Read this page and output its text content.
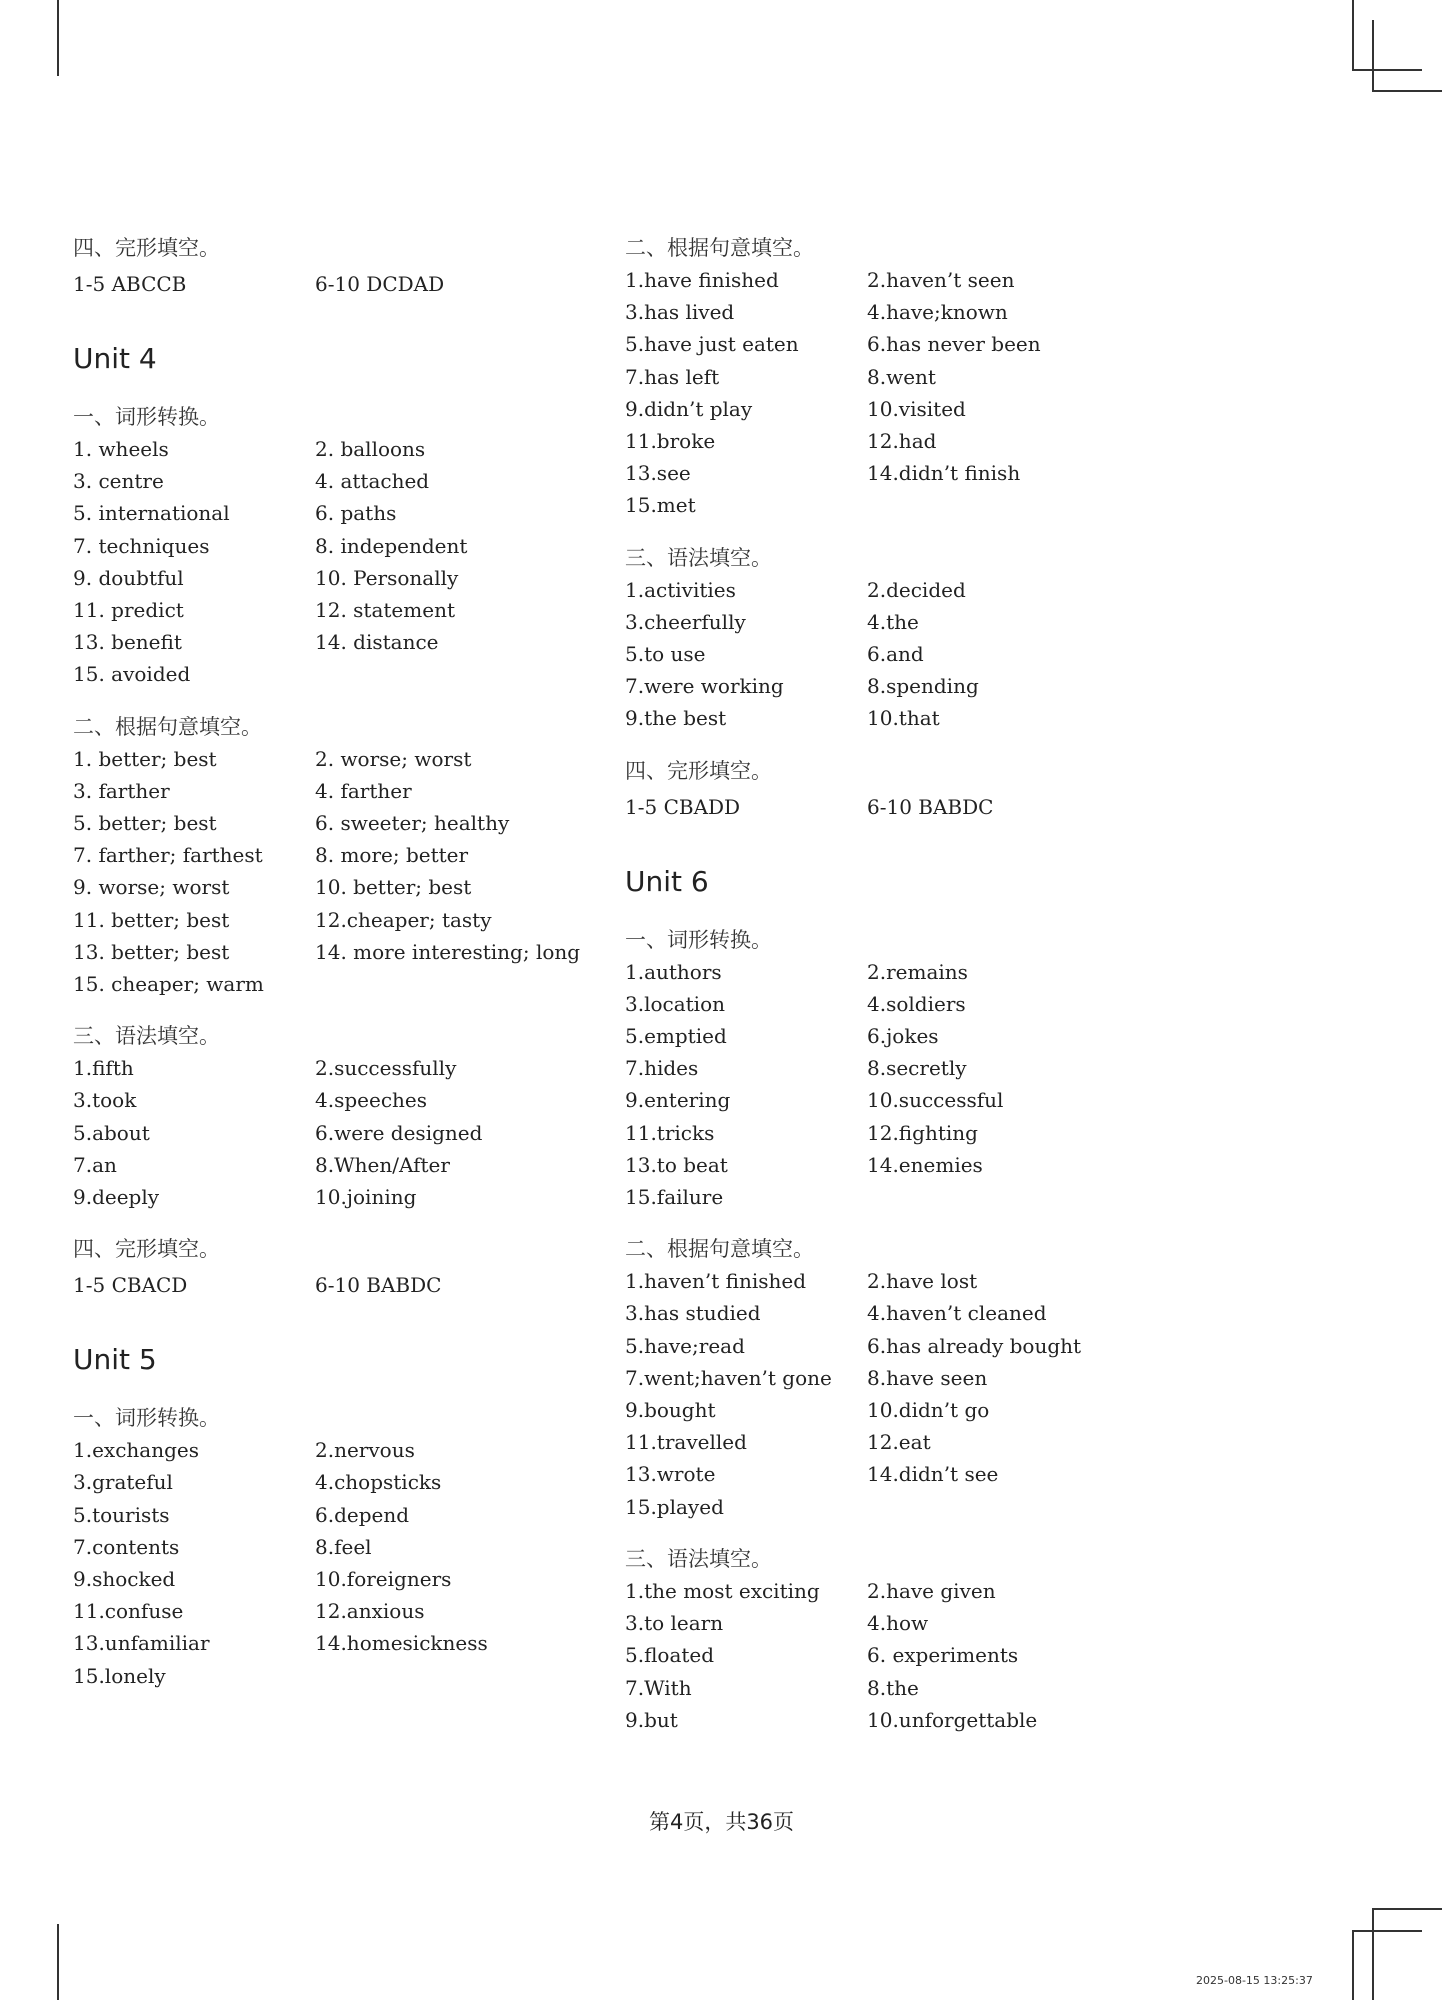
四、完形填空。
1-5 ABCCB	6-10 DCDAD
Unit 4
一、词形转换。
1. wheels	2. balloons
3. centre	4. attached
5. international	6. paths
7. techniques	8. independent
9. doubtful	10. Personally
11. predict	12. statement
13. benefit	14. distance
15. avoided
二、根据句意填空。
1. better; best	2. worse; worst
3. farther	4. farther
5. better; best	6. sweeter; healthy
7. farther; farthest	8. more; better
9. worse; worst	10. better; best
11. better; best	12.cheaper; tasty
13. better; best	14. more interesting; long
15. cheaper; warm
三、语法填空。
1.fifth	2.successfully
3.took	4.speeches
5.about	6.were designed
7.an	8.When/After
9.deeply	10.joining
四、完形填空。
1-5 CBACD	6-10 BABDC
Unit 5
一、词形转换。
1.exchanges	2.nervous
3.grateful	4.chopsticks
5.tourists	6.depend
7.contents	8.feel
9.shocked	10.foreigners
11.confuse	12.anxious
13.unfamiliar	14.homesickness
15.lonely
二、根据句意填空。
1.have finished	2.haven’t seen
3.has lived	4.have;known
5.have just eaten	6.has never been
7.has left	8.went
9.didn’t play	10.visited
11.broke	12.had
13.see	14.didn’t finish
15.met
三、语法填空。
1.activities	2.decided
3.cheerfully	4.the
5.to use	6.and
7.were working	8.spending
9.the best	10.that
四、完形填空。
1-5 CBADD	6-10 BABDC
Unit 6
一、词形转换。
1.authors	2.remains
3.location	4.soldiers
5.emptied	6.jokes
7.hides	8.secretly
9.entering	10.successful
11.tricks	12.fighting
13.to beat	14.enemies
15.failure
二、根据句意填空。
1.haven’t finished	2.have lost
3.has studied	4.haven’t cleaned
5.have;read	6.has already bought
7.went;haven’t gone	8.have seen
9.bought	10.didn’t go
11.travelled	12.eat
13.wrote	14.didn’t see
15.played
三、语法填空。
1.the most exciting	2.have given
3.to learn	4.how
5.floated	6. experiments
7.With	8.the
9.but	10.unforgettable
第4页，共36页
2025-08-15 13:25:37
